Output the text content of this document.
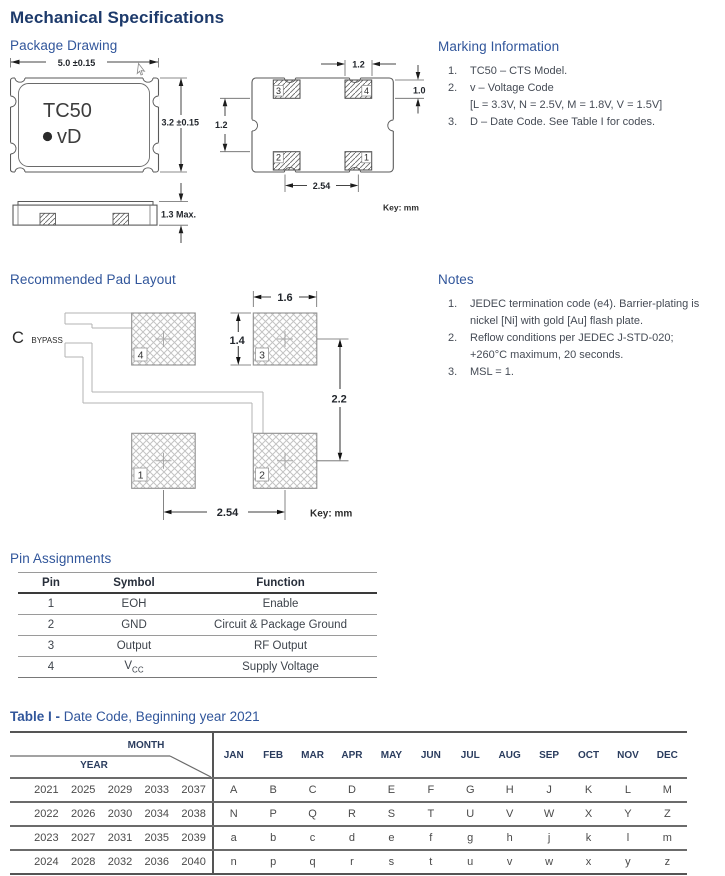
Mechanical Specifications
Package Drawing
TC50
vD
5.0 ±0.15
3.2 ±0.15
1.3 Max.
3	4
2	1
1.2
1.0
1.2
2.54
Key: mm
Marking Information
1.	TC50 – CTS Model.
2.	v – Voltage Code
[L = 3.3V, N = 2.5V, M = 1.8V, V = 1.5V]
3.	D – Date Code. See Table I for codes.
Recommended Pad Layout
C BYPASS
4	3
1	2
1.6
1.4
2.2
2.54	Key: mm
Notes
1.	JEDEC termination code (e4). Barrier-plating is nickel [Ni] with gold [Au] flash plate.
2.	Reflow conditions per JEDEC J-STD-020; +260°C maximum, 20 seconds.
3.	MSL = 1.
Pin Assignments
Pin	Symbol	Function
1	EOH	Enable
2	GND	Circuit & Package Ground
3	Output	RF Output
4	$V_{CC}$	Supply Voltage
Table I - Date Code, Beginning year 2021
MONTH
YEAR
JAN	FEB	MAR	APR	MAY	JUN	JUL	AUG	SEP	OCT	NOV	DEC
2021	2025	2029	2033	2037	A	B	C	D	E	F	G	H	J	K	L	M
2022	2026	2030	2034	2038	N	P	Q	R	S	T	U	V	W	X	Y	Z
2023	2027	2031	2035	2039	a	b	c	d	e	f	g	h	j	k	l	m
2024	2028	2032	2036	2040	n	p	q	r	s	t	u	v	w	x	y	z
